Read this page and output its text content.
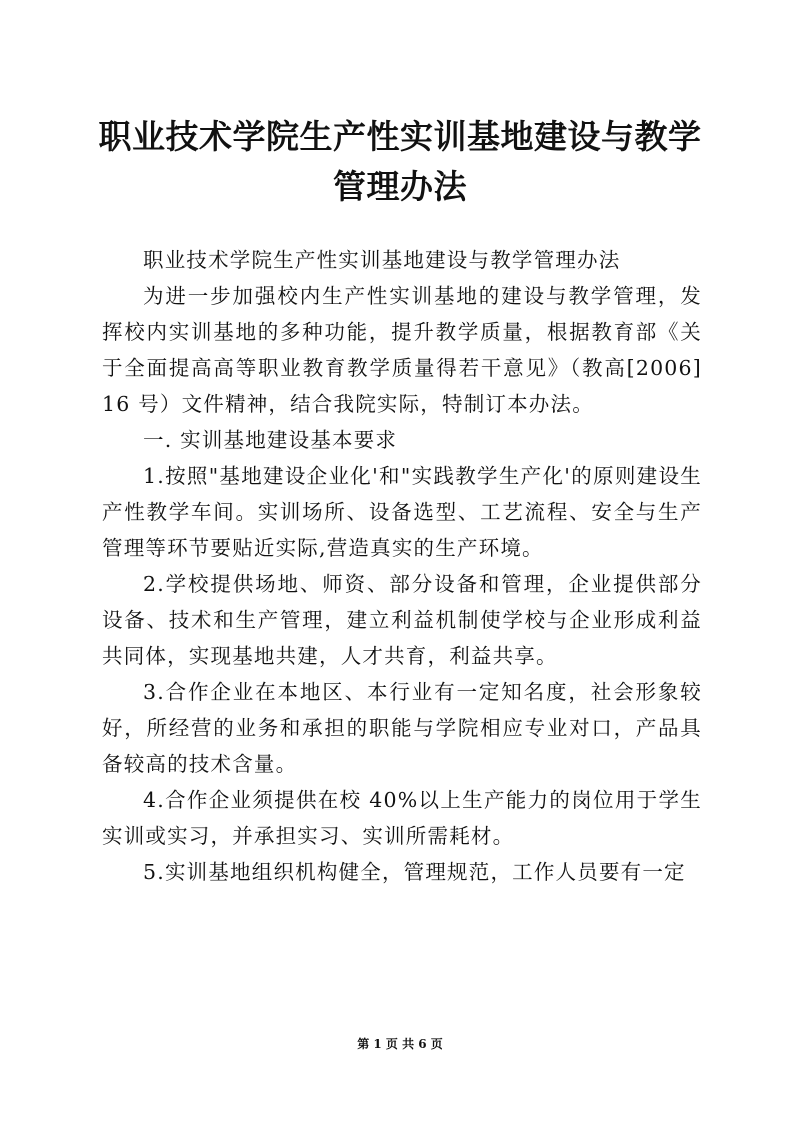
职业技术学院生产性实训基地建设与教学管理办法

职业技术学院生产性实训基地建设与教学管理办法

为进一步加强校内生产性实训基地的建设与教学管理，发挥校内实训基地的多种功能，提升教学质量，根据教育部《关于全面提高高等职业教育教学质量得若干意见》（教高[2006]16 号）文件精神，结合我院实际，特制订本办法。

一. 实训基地建设基本要求

1.按照"基地建设企业化'和"实践教学生产化'的原则建设生产性教学车间。实训场所、设备选型、工艺流程、安全与生产管理等环节要贴近实际,营造真实的生产环境。

2.学校提供场地、师资、部分设备和管理，企业提供部分设备、技术和生产管理，建立利益机制使学校与企业形成利益共同体，实现基地共建，人才共育，利益共享。

3.合作企业在本地区、本行业有一定知名度，社会形象较好，所经营的业务和承担的职能与学院相应专业对口，产品具备较高的技术含量。

4.合作企业须提供在校 40%以上生产能力的岗位用于学生实训或实习，并承担实习、实训所需耗材。

5.实训基地组织机构健全，管理规范，工作人员要有一定

第 1 页 共 6 页
